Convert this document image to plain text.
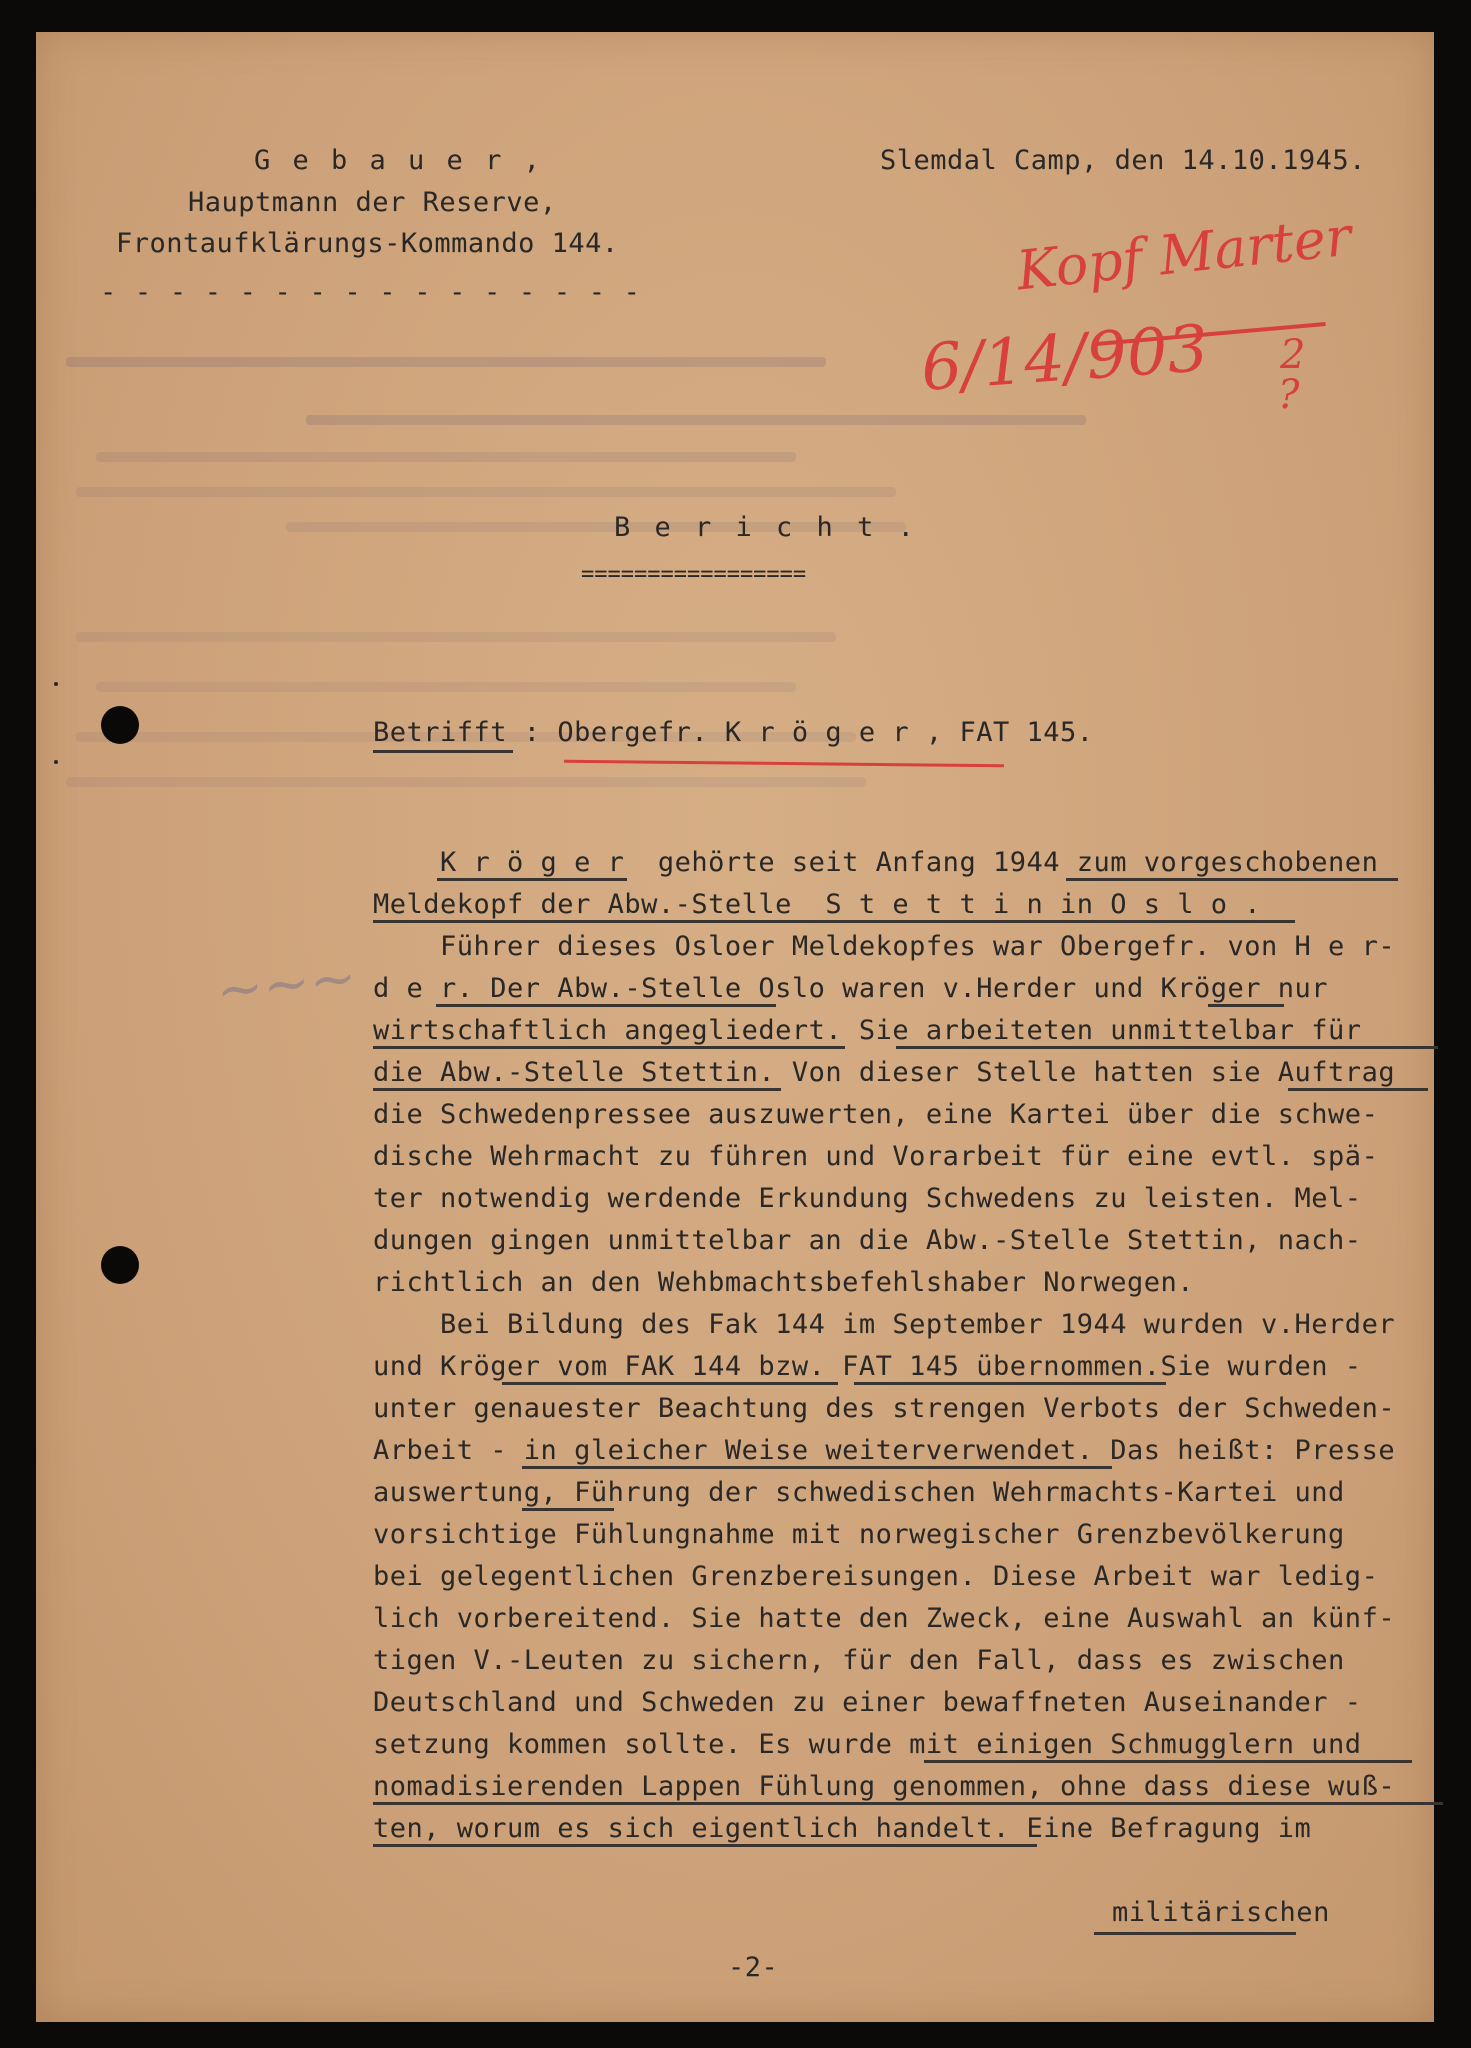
G e b a u e r ,
Hauptmann der Reserve,
Frontaufklärungs-Kommando 144.
- - - - - - - - - - - - - - - -
Slemdal Camp, den 14.10.1945.
Kopf Marter
6/14/903 2
?
~~~
B e r i c h t .
=================
Betrifft : Obergefr. K r ö g e r , FAT 145.
K r ö g e r  gehörte seit Anfang 1944 zum vorgeschobenen
Meldekopf der Abw.-Stelle  S t e t t i n in O s l o .
Führer dieses Osloer Meldekopfes war Obergefr. von H e r-
d e r. Der Abw.-Stelle Oslo waren v.Herder und Kröger nur
wirtschaftlich angegliedert. Sie arbeiteten unmittelbar für
die Abw.-Stelle Stettin. Von dieser Stelle hatten sie Auftrag
die Schwedenpressee auszuwerten, eine Kartei über die schwe-
dische Wehrmacht zu führen und Vorarbeit für eine evtl. spä-
ter notwendig werdende Erkundung Schwedens zu leisten. Mel-
dungen gingen unmittelbar an die Abw.-Stelle Stettin, nach-
richtlich an den Wehbmachtsbefehlshaber Norwegen.
Bei Bildung des Fak 144 im September 1944 wurden v.Herder
und Kröger vom FAK 144 bzw. FAT 145 übernommen.Sie wurden -
unter genauester Beachtung des strengen Verbots der Schweden-
Arbeit - in gleicher Weise weiterverwendet. Das heißt: Presse
auswertung, Führung der schwedischen Wehrmachts-Kartei und
vorsichtige Fühlungnahme mit norwegischer Grenzbevölkerung
bei gelegentlichen Grenzbereisungen. Diese Arbeit war ledig-
lich vorbereitend. Sie hatte den Zweck, eine Auswahl an künf-
tigen V.-Leuten zu sichern, für den Fall, dass es zwischen
Deutschland und Schweden zu einer bewaffneten Auseinander -
setzung kommen sollte. Es wurde mit einigen Schmugglern und
nomadisierenden Lappen Fühlung genommen, ohne dass diese wuß-
ten, worum es sich eigentlich handelt. Eine Befragung im
militärischen
-2-
